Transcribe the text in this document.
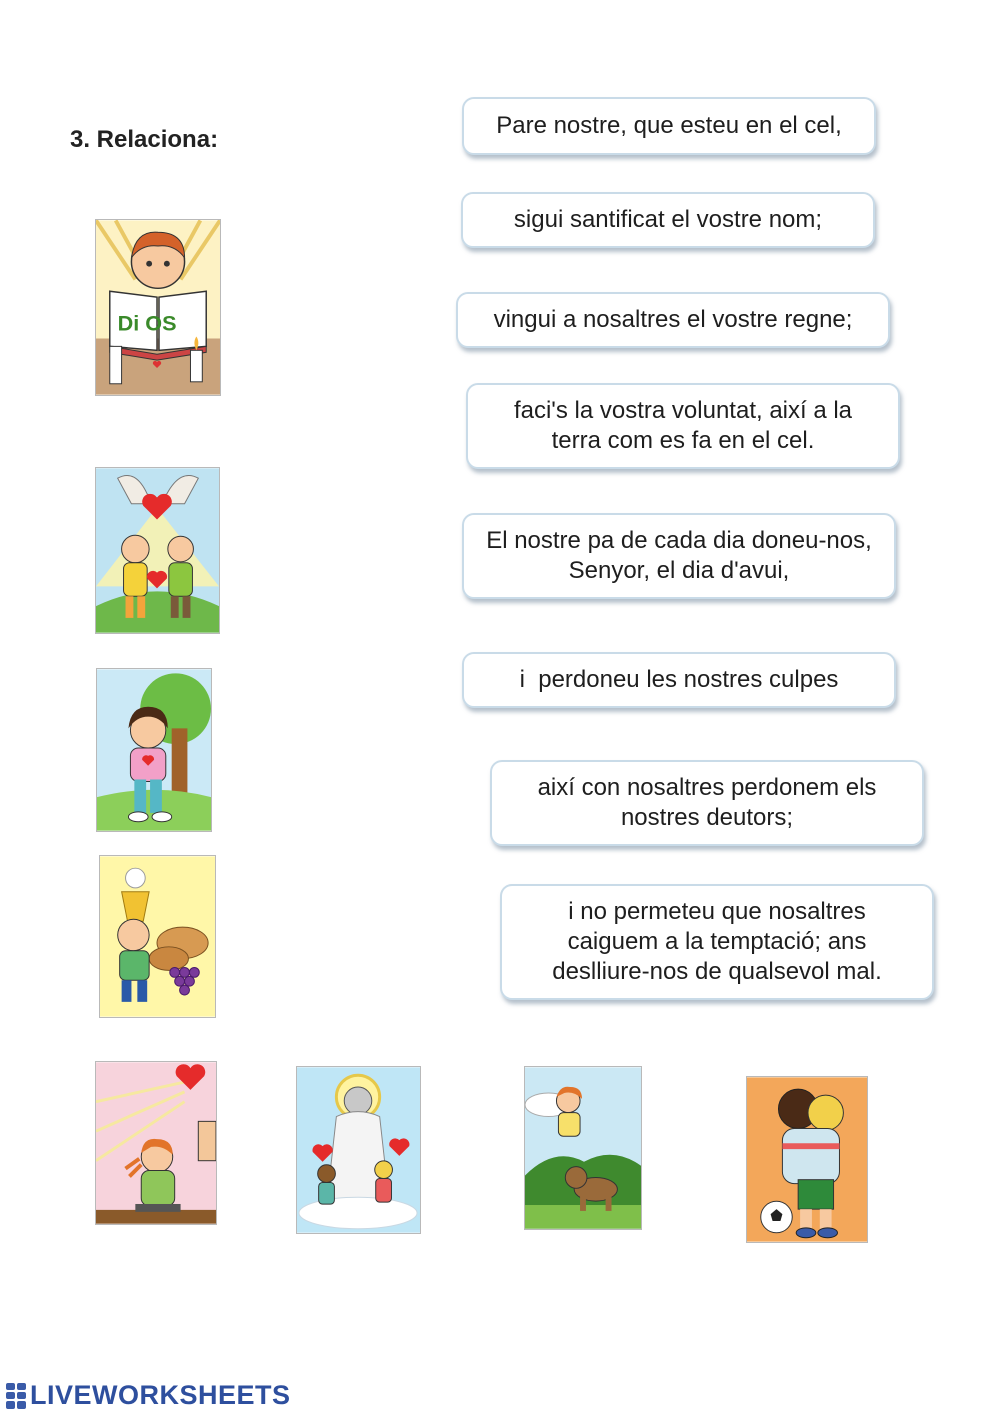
3. Relaciona:
Pare nostre, que esteu en el cel,
sigui santificat el vostre nom;
vingui a nosaltres el vostre regne;
faci's la vostra voluntat, així a la terra com es fa en el cel.
El nostre pa de cada dia doneu-nos, Senyor, el dia d'avui,
i  perdoneu les nostres culpes
així con nosaltres perdonem els nostres deutors;
i no permeteu que nosaltres caiguem a la temptació; ans deslliure-nos de qualsevol mal.
Di OS
LIVEWORKSHEETS
